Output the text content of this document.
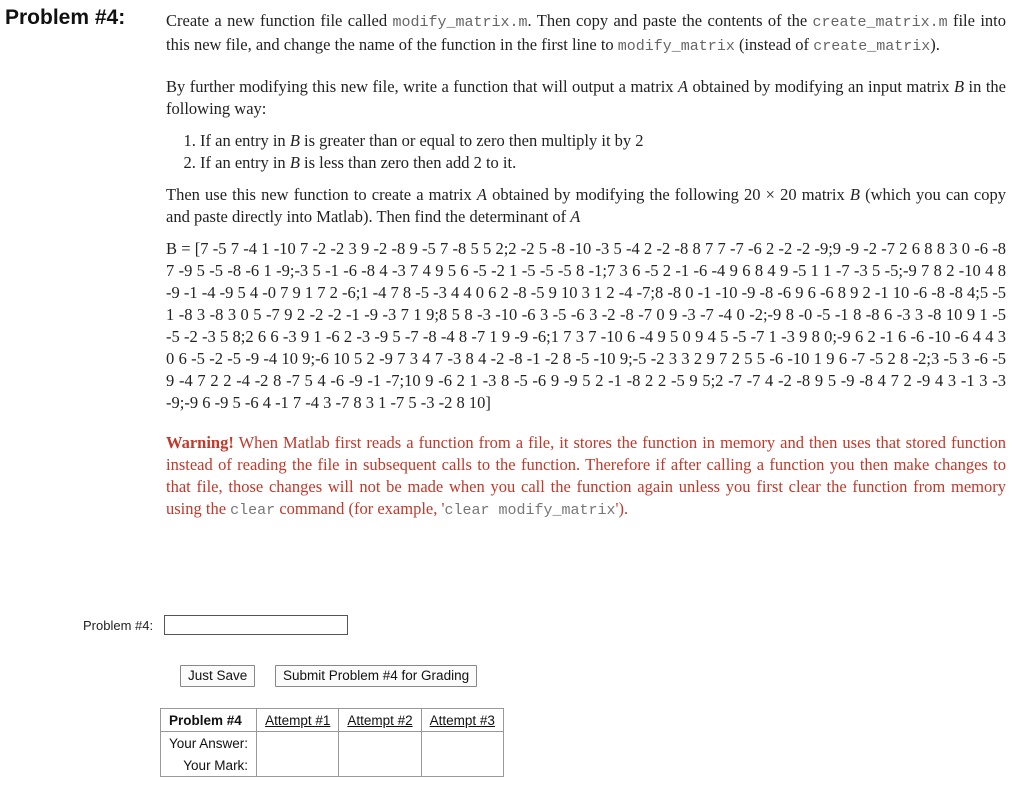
Problem #4: Create a new function file called modify_matrix.m. Then copy and paste the contents of the create_matrix.m file into this new file, and change the name of the function in the first line to modify_matrix (instead of create_matrix).

By further modifying this new file, write a function that will output a matrix A obtained by modifying an input matrix B in the following way:

1. If an entry in B is greater than or equal to zero then multiply it by 2
2. If an entry in B is less than zero then add 2 to it.

Then use this new function to create a matrix A obtained by modifying the following 20 × 20 matrix B (which you can copy and paste directly into Matlab). Then find the determinant of A

B = [7 -5 7 -4 1 -10 7 -2 -2 3 9 -2 -8 9 -5 7 -8 5 5 2;2 -2 5 -8 -10 -3 5 -4 2 -2 -8 8 7 7 -7 -6 2 -2 -2 -9;9 -9 -2 -7 2 6 8 8 3 0 -6 -8 7 -9 5 -5 -8 -6 1 -9;-3 5 -1 -6 -8 4 -3 7 4 9 5 6 -5 -2 1 -5 -5 -5 8 -1;7 3 6 -5 2 -1 -6 -4 9 6 8 4 9 -5 1 1 -7 -3 5 -5;-9 7 8 2 -10 4 8 -9 -1 -4 -9 5 4 -0 7 9 1 7 2 -6;1 -4 7 8 -5 -3 4 4 0 6 2 -8 -5 9 10 3 1 2 -4 -7;8 -8 0 -1 -10 -9 -8 -6 9 6 -6 8 9 2 -1 10 -6 -8 -8 4;5 -5 1 -8 3 -8 3 0 5 -7 9 2 -2 -2 -1 -9 -3 7 1 9;8 5 8 -3 -10 -6 3 -5 -6 3 -2 -8 -7 0 9 -3 -7 -4 0 -2;-9 8 -0 -5 -1 8 -8 6 -3 3 -8 10 9 1 -5 -5 -2 -3 5 8;2 6 6 -3 9 1 -6 2 -3 -9 5 -7 -8 -4 8 -7 1 9 -9 -6;1 7 3 7 -10 6 -4 9 5 0 9 4 5 -5 -7 1 -3 9 8 0;-9 6 2 -1 6 -6 -10 -6 4 4 3 0 6 -5 -2 -5 -9 -4 10 9;-6 10 5 2 -9 7 3 4 7 -3 8 4 -2 -8 -1 -2 8 -5 -10 9;-5 -2 3 3 2 9 7 2 5 5 -6 -10 1 9 6 -7 -5 2 8 -2;3 -5 3 -6 -5 9 -4 7 2 2 -4 -2 8 -7 5 4 -6 -9 -1 -7;10 9 -6 2 1 -3 8 -5 -6 9 -9 5 2 -1 -8 2 2 -5 9 5;2 -7 -7 4 -2 -8 9 5 -9 -8 4 7 2 -9 4 3 -1 3 -3 -9;-9 6 -9 5 -6 4 -1 7 -4 3 -7 8 3 1 -7 5 -3 -2 8 10]

Warning! When Matlab first reads a function from a file, it stores the function in memory and then uses that stored function instead of reading the file in subsequent calls to the function. Therefore if after calling a function you then make changes to that file, those changes will not be made when you call the function again unless you first clear the function from memory using the clear command (for example, 'clear modify_matrix').

Problem #4:
Just Save	Submit Problem #4 for Grading
Problem #4	Attempt #1	Attempt #2	Attempt #3
Your Answer:			
Your Mark:			
